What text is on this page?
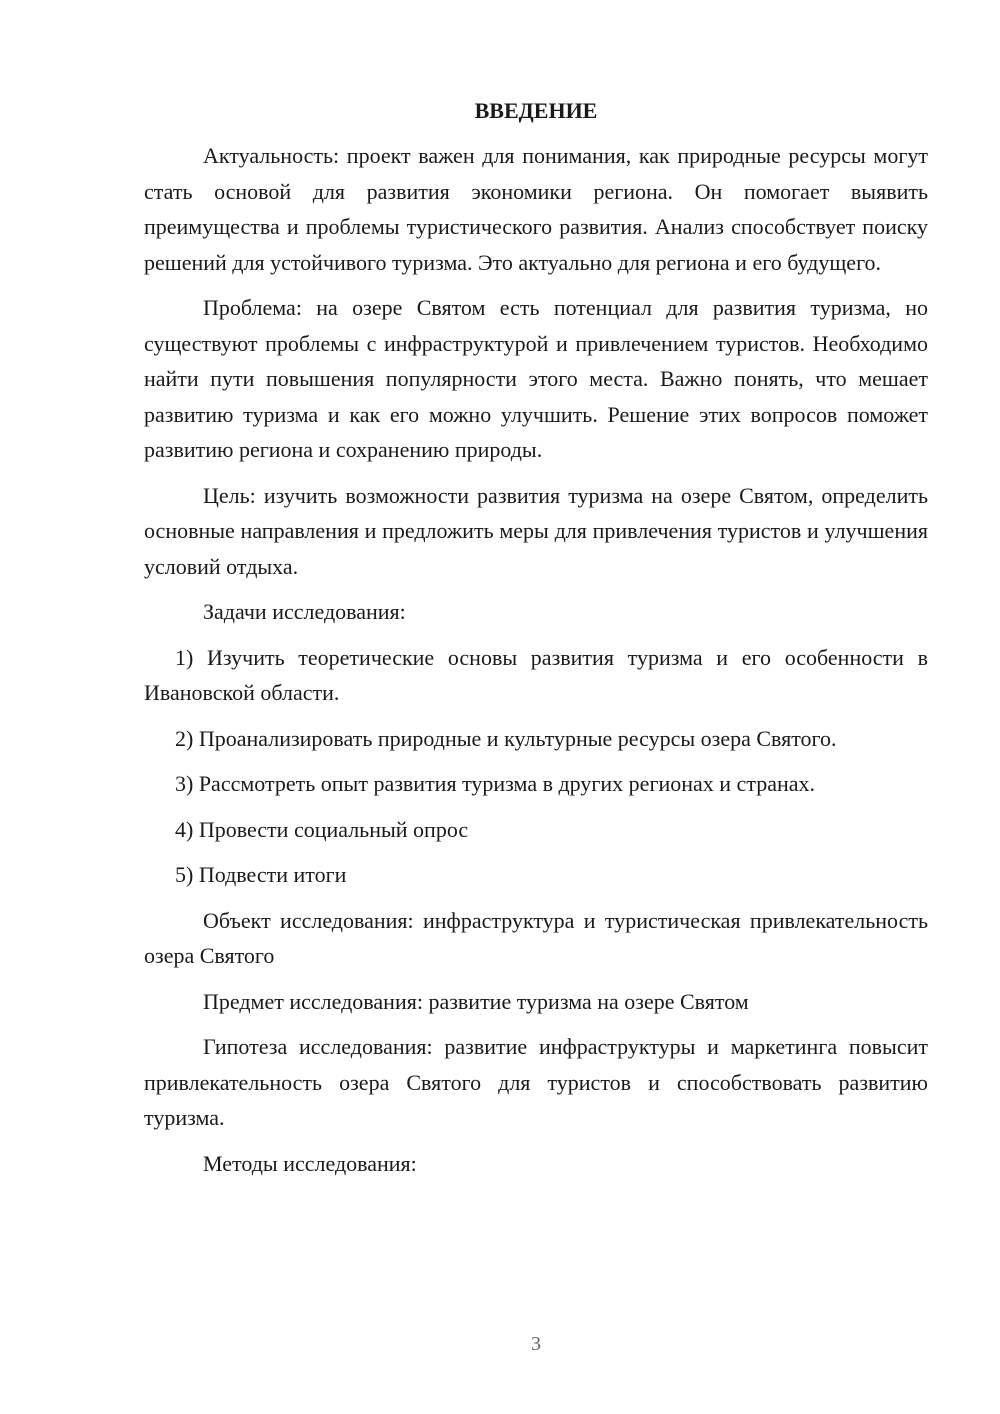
ВВЕДЕНИЕ

Актуальность: проект важен для понимания, как природные ресурсы могут стать основой для развития экономики региона. Он помогает выявить преимущества и проблемы туристического развития. Анализ способствует поиску решений для устойчивого туризма. Это актуально для региона и его будущего.

Проблема: на озере Святом есть потенциал для развития туризма, но существуют проблемы с инфраструктурой и привлечением туристов. Необходимо найти пути повышения популярности этого места. Важно понять, что мешает развитию туризма и как его можно улучшить. Решение этих вопросов поможет развитию региона и сохранению природы.

Цель: изучить возможности развития туризма на озере Святом, определить основные направления и предложить меры для привлечения туристов и улучшения условий отдыха.

Задачи исследования:

1) Изучить теоретические основы развития туризма и его особенности в Ивановской области.

2) Проанализировать природные и культурные ресурсы озера Святого.

3) Рассмотреть опыт развития туризма в других регионах и странах.

4) Провести социальный опрос

5) Подвести итоги

Объект исследования: инфраструктура и туристическая привлекательность озера Святого

Предмет исследования: развитие туризма на озере Святом

Гипотеза исследования: развитие инфраструктуры и маркетинга повысит привлекательность озера Святого для туристов и способствовать развитию туризма.

Методы исследования:

3
